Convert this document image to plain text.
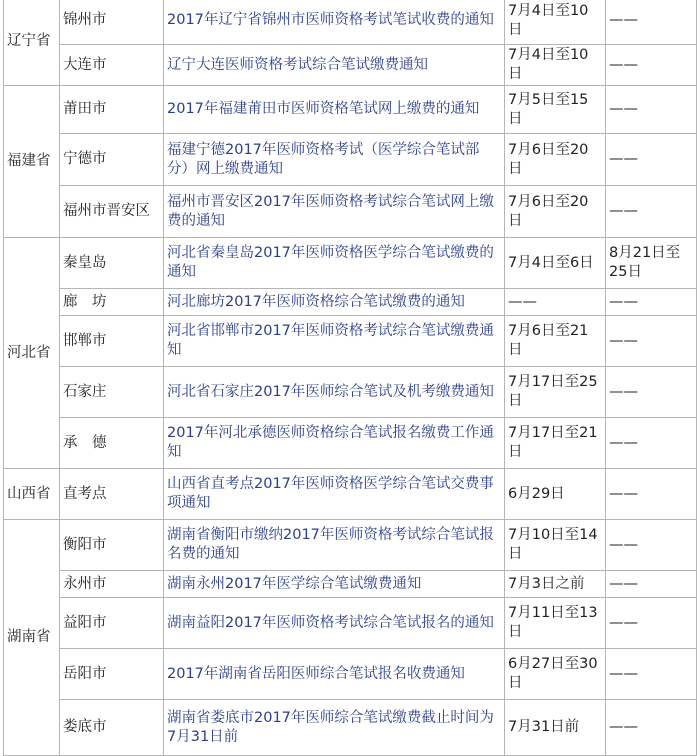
辽宁省	锦州市	2017年辽宁省锦州市医师资格考试笔试收费的通知	7月4日至10日	——
	大连市	辽宁大连医师资格考试综合笔试缴费通知	7月4日至10日	——
福建省	莆田市	2017年福建莆田市医师资格笔试网上缴费的通知	7月5日至15日	——
	宁德市	福建宁德2017年医师资格考试（医学综合笔试部分）网上缴费通知	7月6日至20日	——
	福州市晋安区	福州市晋安区2017年医师资格考试综合笔试网上缴费的通知	7月6日至20日	——
河北省	秦皇岛	河北省秦皇岛2017年医师资格医学综合笔试缴费的通知	7月4日至6日	8月21日至25日
	廊　坊	河北廊坊2017年医师资格综合笔试缴费的通知	——	——
	邯郸市	河北省邯郸市2017年医师资格考试综合笔试缴费通知	7月6日至21日	——
	石家庄	河北省石家庄2017年医师综合笔试及机考缴费通知	7月17日至25日	——
	承　德	2017年河北承德医师资格综合笔试报名缴费工作通知	7月17日至21日	——
山西省	直考点	山西省直考点2017年医师资格医学综合笔试交费事项通知	6月29日	——
湖南省	衡阳市	湖南省衡阳市缴纳2017年医师资格考试综合笔试报名费的通知	7月10日至14日	——
	永州市	湖南永州2017年医学综合笔试缴费通知	7月3日之前	——
	益阳市	湖南益阳2017年医师资格考试综合笔试报名的通知	7月11日至13日	——
	岳阳市	2017年湖南省岳阳医师综合笔试报名收费通知	6月27日至30日	——
	娄底市	湖南省娄底市2017年医师综合笔试缴费截止时间为7月31日前	7月31日前	——
